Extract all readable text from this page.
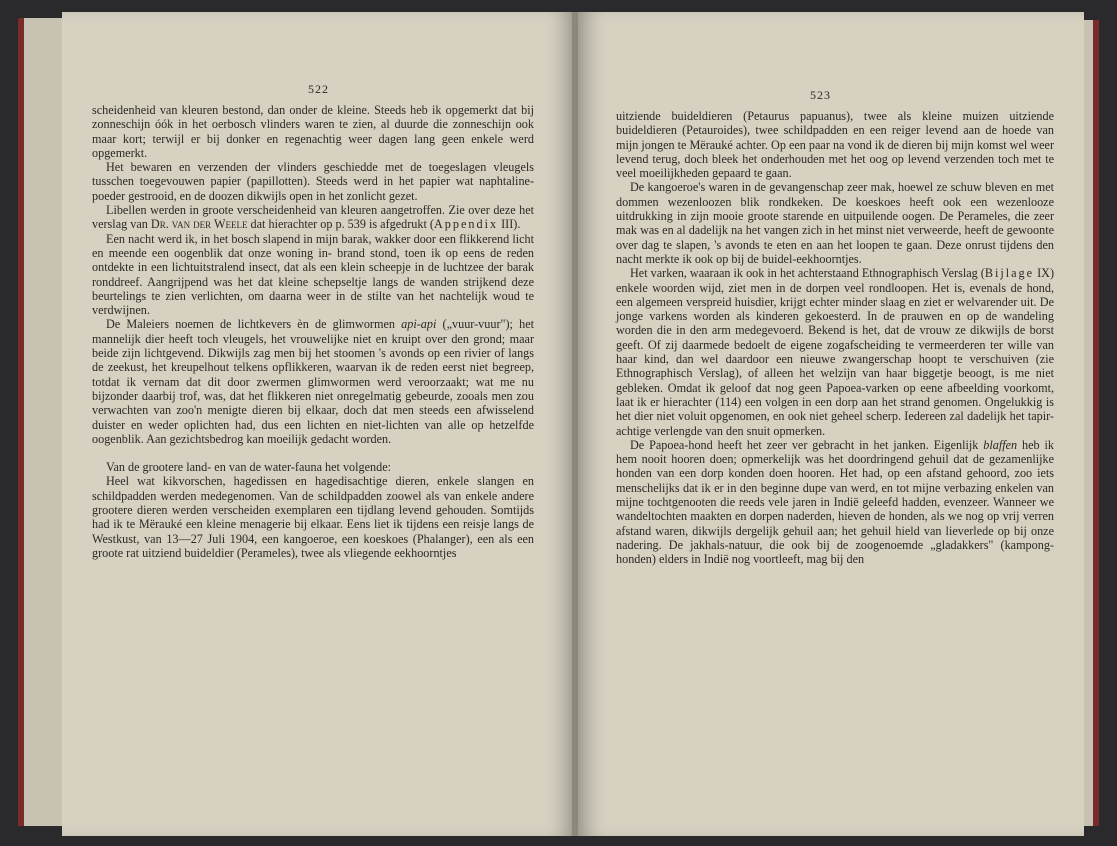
522

scheidenheid van kleuren bestond, dan onder de kleine. Steeds heb ik opgemerkt dat bij zonneschijn óók in het oerbosch vlinders waren te zien, al duurde die zonneschijn ook maar kort; terwijl er bij donker en regenachtig weer dagen lang geen enkele werd opgemerkt.

Het bewaren en verzenden der vlinders geschiedde met de toegeslagen vleugels tusschen toegevouwen papier (papillotten). Steeds werd in het papier wat naphtaline-poeder gestrooid, en de doozen dikwijls open in het zonlicht gezet.

Libellen werden in groote verscheidenheid van kleuren aangetroffen. Zie over deze het verslag van Dr. van der Weele dat hierachter op p. 539 is afgedrukt (Appendix III).

Een nacht werd ik, in het bosch slapend in mijn barak, wakker door een flikkerend licht en meende een oogenblik dat onze woning in- brand stond, toen ik op eens de reden ontdekte in een lichtuitstralend insect, dat als een klein scheepje in de luchtzee der barak ronddreef. Aangrijpend was het dat kleine schepseltje langs de wanden strijkend deze beurtelings te zien verlichten, om daarna weer in de stilte van het nachtelijk woud te verdwijnen.

De Maleiers noemen de lichtkevers èn de glimwormen api-api („vuur-vuur"); het mannelijk dier heeft toch vleugels, het vrouwelijke niet en kruipt over den grond; maar beide zijn lichtgevend. Dikwijls zag men bij het stoomen 's avonds op een rivier of langs de zeekust, het kreupelhout telkens opflikkeren, waarvan ik de reden eerst niet begreep, totdat ik vernam dat dit door zwermen glimwormen werd veroorzaakt; wat me nu bijzonder daarbij trof, was, dat het flikkeren niet onregelmatig gebeurde, zooals men zou verwachten van zoo'n menigte dieren bij elkaar, doch dat men steeds een afwisselend duister en weder oplichten had, dus een lichten en niet-lichten van alle op hetzelfde oogenblik. Aan gezichtsbedrog kan moeilijk gedacht worden.

Van de grootere land- en van de water-fauna het volgende:

Heel wat kikvorschen, hagedissen en hagedisachtige dieren, enkele slangen en schildpadden werden medegenomen. Van de schildpadden zoowel als van enkele andere grootere dieren werden verscheiden exemplaren een tijdlang levend gehouden. Somtijds had ik te Mërauké een kleine menagerie bij elkaar. Eens liet ik tijdens een reisje langs de Westkust, van 13—27 Juli 1904, een kangoeroe, een koeskoes (Phalanger), een als een groote rat uitziend buideldier (Perameles), twee als vliegende eekhoorntjes

523

uitziende buideldieren (Petaurus papuanus), twee als kleine muizen uitziende buideldieren (Petauroides), twee schildpadden en een reiger levend aan de hoede van mijn jongen te Mërauké achter. Op een paar na vond ik de dieren bij mijn komst wel weer levend terug, doch bleek het onderhouden met het oog op levend verzenden toch met te veel moeilijkheden gepaard te gaan.

De kangoeroe's waren in de gevangenschap zeer mak, hoewel ze schuw bleven en met dommen wezenloozen blik rondkeken. De koeskoes heeft ook een wezenlooze uitdrukking in zijn mooie groote starende en uitpuilende oogen. De Perameles, die zeer mak was en al dadelijk na het vangen zich in het minst niet verweerde, heeft de gewoonte over dag te slapen, 's avonds te eten en aan het loopen te gaan. Deze onrust tijdens den nacht merkte ik ook op bij de buidel-eekhoorntjes.

Het varken, waaraan ik ook in het achterstaand Ethnographisch Verslag (Bijlage IX) enkele woorden wijd, ziet men in de dorpen veel rondloopen. Het is, evenals de hond, een algemeen verspreid huisdier, krijgt echter minder slaag en ziet er welvarender uit. De jonge varkens worden als kinderen gekoesterd. In de prauwen en op de wandeling worden die in den arm medegevoerd. Bekend is het, dat de vrouw ze dikwijls de borst geeft. Of zij daarmede bedoelt de eigene zogafscheiding te vermeerderen ter wille van haar kind, dan wel daardoor een nieuwe zwangerschap hoopt te verschuiven (zie Ethnographisch Verslag), of alleen het welzijn van haar biggetje beoogt, is me niet gebleken. Omdat ik geloof dat nog geen Papoea-varken op eene afbeelding voorkomt, laat ik er hierachter (114) een volgen in een dorp aan het strand genomen. Ongelukkig is het dier niet voluit opgenomen, en ook niet geheel scherp. Iedereen zal dadelijk het tapir-achtige verlengde van den snuit opmerken.

De Papoea-hond heeft het zeer ver gebracht in het janken. Eigenlijk blaffen heb ik hem nooit hooren doen; opmerkelijk was het doordringend gehuil dat de gezamenlijke honden van een dorp konden doen hooren. Het had, op een afstand gehoord, zoo iets menschelijks dat ik er in den beginne dupe van werd, en tot mijne verbazing enkelen van mijne tochtgenooten die reeds vele jaren in Indië geleefd hadden, evenzeer. Wanneer we wandeltochten maakten en dorpen naderden, hieven de honden, als we nog op vrij verren afstand waren, dikwijls dergelijk gehuil aan; het gehuil hield van lieverlede op bij onze nadering. De jakhals-natuur, die ook bij de zoogenoemde „gladakkers" (kampong-honden) elders in Indië nog voortleeft, mag bij den
